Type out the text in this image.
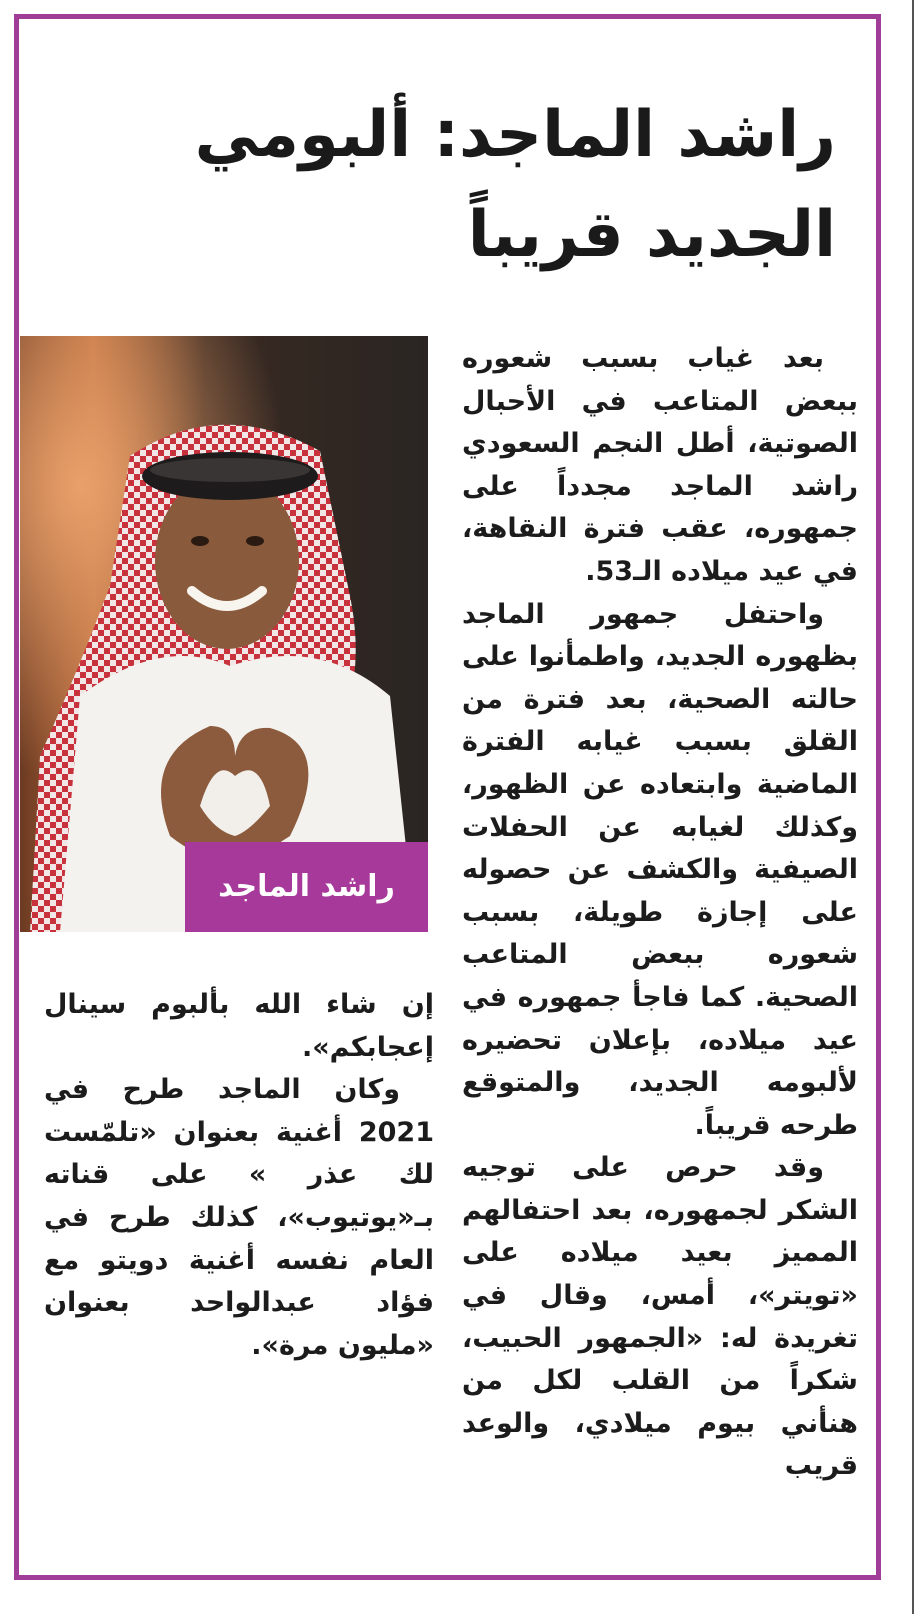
راشد الماجد: ألبومي الجديد قريباً
راشد الماجد

بعد غياب بسبب شعوره ببعض المتاعب في الأحبال الصوتية، أطل النجم السعودي راشد الماجد مجدداً على جمهوره، عقب فترة النقاهة، في عيد ميلاده الـ53.

واحتفل جمهور الماجد بظهوره الجديد، واطمأنوا على حالته الصحية، بعد فترة من القلق بسبب غيابه الفترة الماضية وابتعاده عن الظهور، وكذلك لغيابه عن الحفلات الصيفية والكشف عن حصوله على إجازة طويلة، بسبب شعوره ببعض المتاعب الصحية. كما فاجأ جمهوره في عيد ميلاده، بإعلان تحضيره لألبومه الجديد، والمتوقع طرحه قريباً.

وقد حرص على توجيه الشكر لجمهوره، بعد احتفالهم المميز بعيد ميلاده على «تويتر»، أمس، وقال في تغريدة له: «الجمهور الحبيب، شكراً من القلب لكل من هنأني بيوم ميلادي، والوعد قريب

إن شاء الله بألبوم سينال إعجابكم».

وكان الماجد طرح في 2021 أغنية بعنوان «تلمّست لك عذر » على قناته بـ«يوتيوب»، كذلك طرح في العام نفسه أغنية دويتو مع فؤاد عبدالواحد بعنوان «مليون مرة».
